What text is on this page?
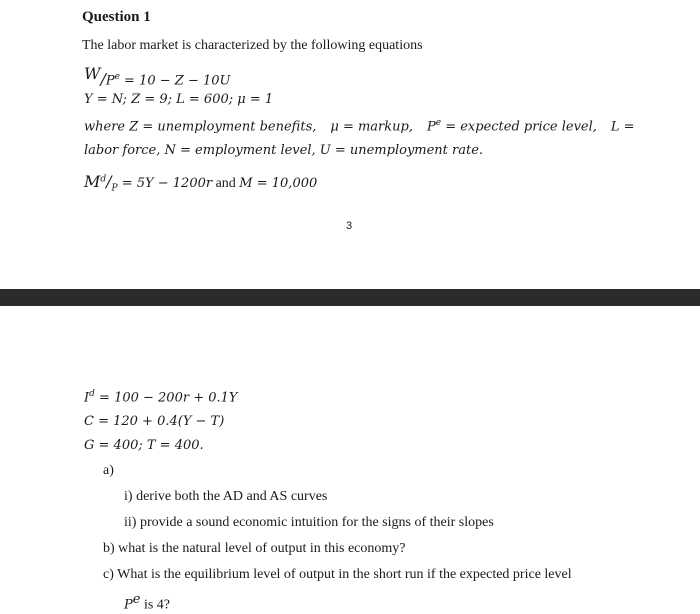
Question 1
The labor market is characterized by the following equations
$^W/P^e = 10 - Z - 10U$
Y = N; Z = 9; L = 600; μ = 1
where Z = unemployment benefits, μ = markup, $P^e$ = expected price level, L =
labor force, N = employment level, U = unemployment rate.
$M^d/_P = 5Y - 1200r$ and M = 10,000
3
$I^d = 100 - 200r + 0.1Y$
C = 120 + 0.4(Y − T)
G = 400; T = 400.
a)
i) derive both the AD and AS curves
ii) provide a sound economic intuition for the signs of their slopes
b) what is the natural level of output in this economy?
c) What is the equilibrium level of output in the short run if the expected price level
$P^e$ is 4?
